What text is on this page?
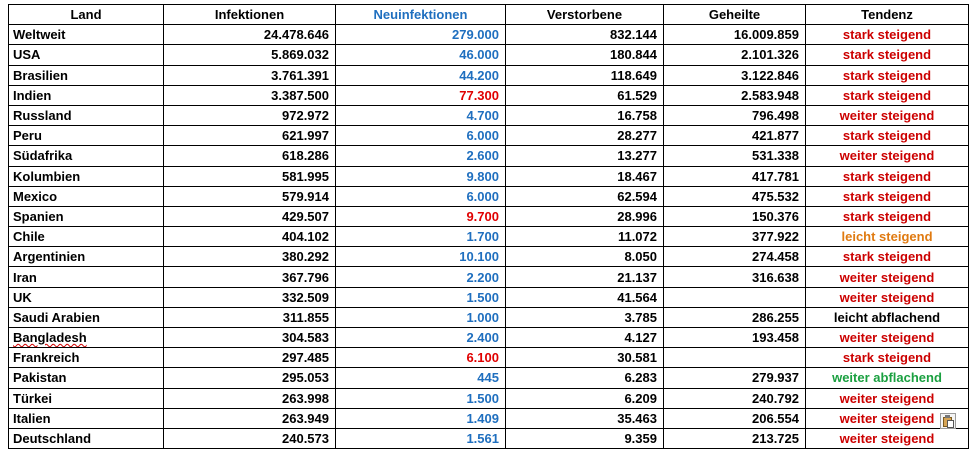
Land	Infektionen	Neuinfektionen	Verstorbene	Geheilte	Tendenz
Weltweit	24.478.646	279.000	832.144	16.009.859	stark steigend
USA	5.869.032	46.000	180.844	2.101.326	stark steigend
Brasilien	3.761.391	44.200	118.649	3.122.846	stark steigend
Indien	3.387.500	77.300	61.529	2.583.948	stark steigend
Russland	972.972	4.700	16.758	796.498	weiter steigend
Peru	621.997	6.000	28.277	421.877	stark steigend
Südafrika	618.286	2.600	13.277	531.338	weiter steigend
Kolumbien	581.995	9.800	18.467	417.781	stark steigend
Mexico	579.914	6.000	62.594	475.532	stark steigend
Spanien	429.507	9.700	28.996	150.376	stark steigend
Chile	404.102	1.700	11.072	377.922	leicht steigend
Argentinien	380.292	10.100	8.050	274.458	stark steigend
Iran	367.796	2.200	21.137	316.638	weiter steigend
UK	332.509	1.500	41.564		weiter steigend
Saudi Arabien	311.855	1.000	3.785	286.255	leicht abflachend
Bangladesh	304.583	2.400	4.127	193.458	weiter steigend
Frankreich	297.485	6.100	30.581		stark steigend
Pakistan	295.053	445	6.283	279.937	weiter abflachend
Türkei	263.998	1.500	6.209	240.792	weiter steigend
Italien	263.949	1.409	35.463	206.554	weiter steigend
Deutschland	240.573	1.561	9.359	213.725	weiter steigend
